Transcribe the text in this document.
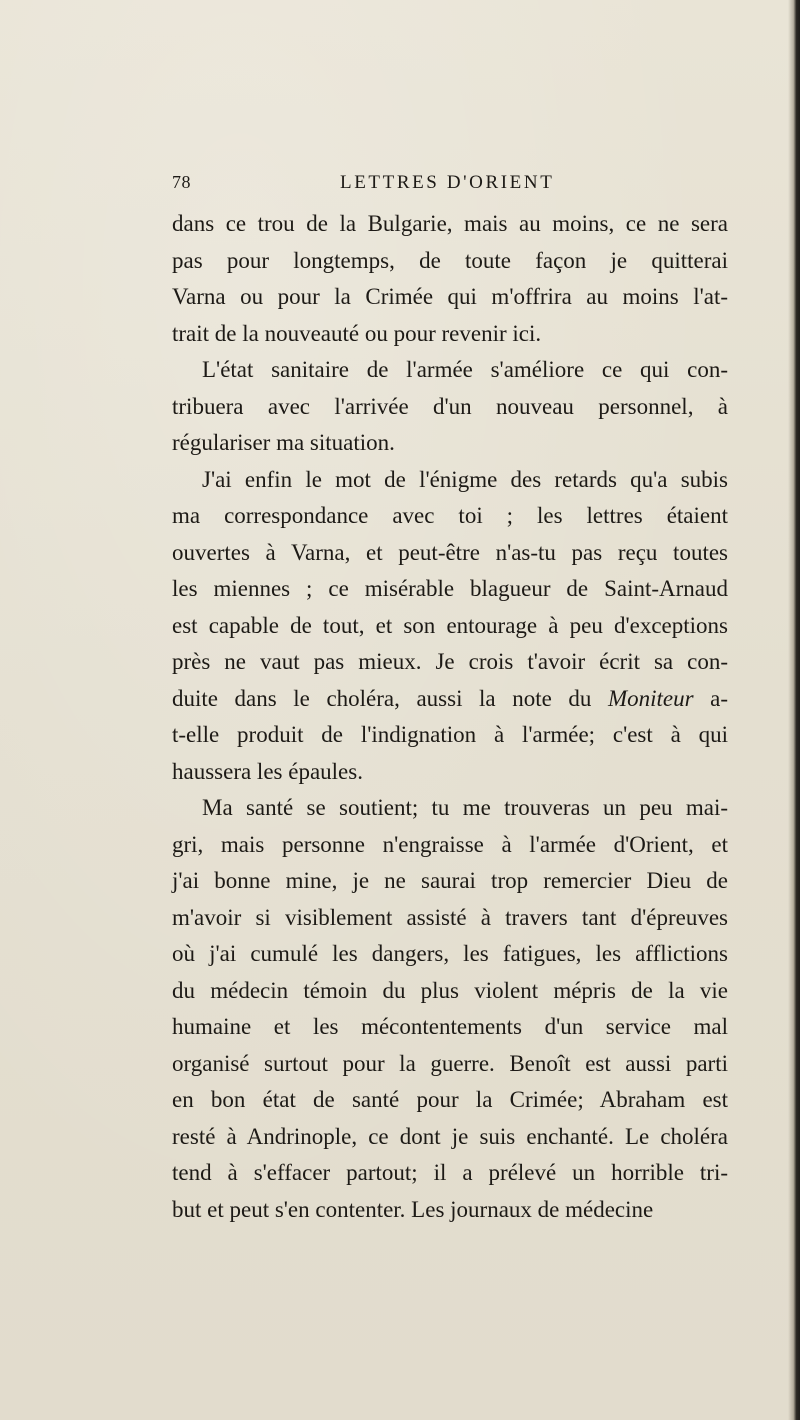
78	LETTRES D'ORIENT
dans ce trou de la Bulgarie, mais au moins, ce ne sera
pas pour longtemps, de toute façon je quitterai
Varna ou pour la Crimée qui m'offrira au moins l'at-
trait de la nouveauté ou pour revenir ici.
L'état sanitaire de l'armée s'améliore ce qui con-
tribuera avec l'arrivée d'un nouveau personnel, à
régulariser ma situation.
J'ai enfin le mot de l'énigme des retards qu'a subis
ma correspondance avec toi ; les lettres étaient
ouvertes à Varna, et peut-être n'as-tu pas reçu toutes
les miennes ; ce misérable blagueur de Saint-Arnaud
est capable de tout, et son entourage à peu d'exceptions
près ne vaut pas mieux. Je crois t'avoir écrit sa con-
duite dans le choléra, aussi la note du Moniteur a-
t-elle produit de l'indignation à l'armée; c'est à qui
haussera les épaules.
Ma santé se soutient; tu me trouveras un peu mai-
gri, mais personne n'engraisse à l'armée d'Orient, et
j'ai bonne mine, je ne saurai trop remercier Dieu de
m'avoir si visiblement assisté à travers tant d'épreuves
où j'ai cumulé les dangers, les fatigues, les afflictions
du médecin témoin du plus violent mépris de la vie
humaine et les mécontentements d'un service mal
organisé surtout pour la guerre. Benoît est aussi parti
en bon état de santé pour la Crimée; Abraham est
resté à Andrinople, ce dont je suis enchanté. Le choléra
tend à s'effacer partout; il a prélevé un horrible tri-
but et peut s'en contenter. Les journaux de médecine
